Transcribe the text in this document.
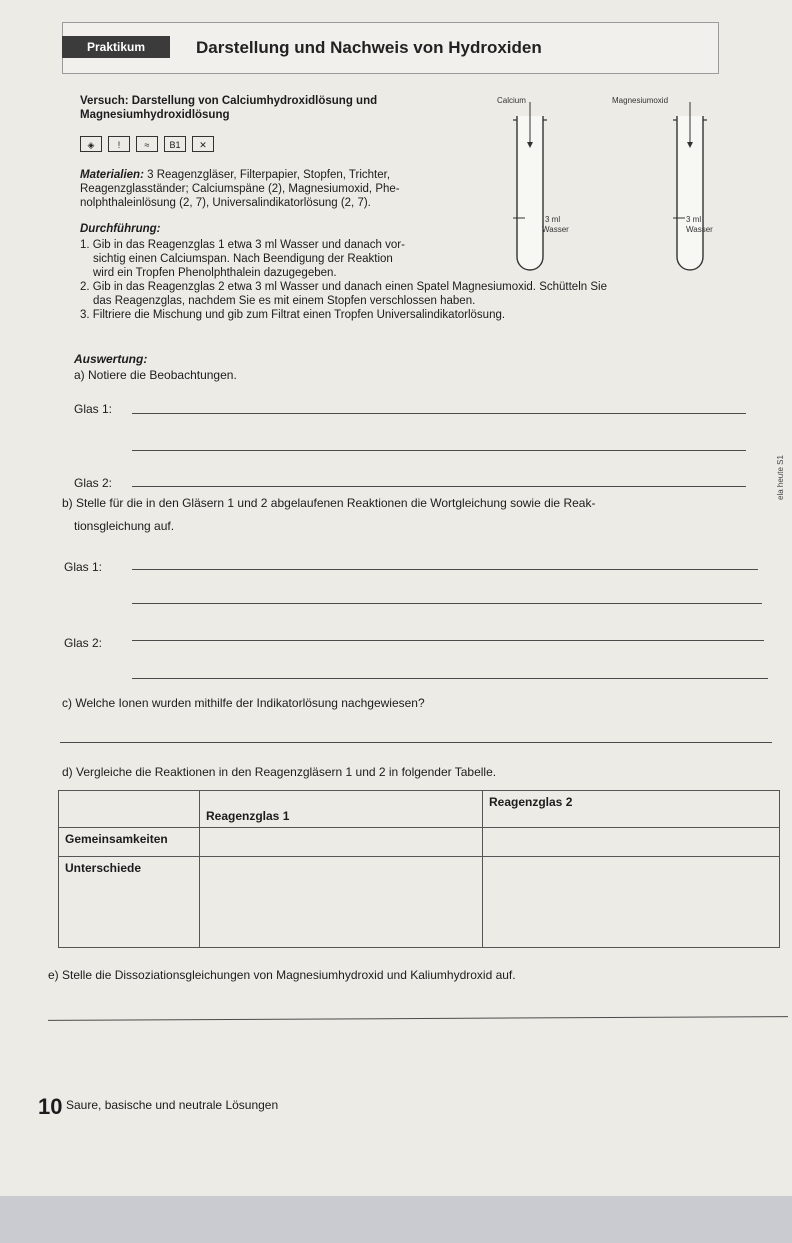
Praktikum	Darstellung und Nachweis von Hydroxiden
Versuch: Darstellung von Calciumhydroxidlösung und
Magnesiumhydroxidlösung
◈	!	≈	B1	✕
Materialien: 3 Reagenzgläser, Filterpapier, Stopfen, Trichter,
Reagenzglasständer; Calciumspäne (2), Magnesiumoxid, Phe-
nolphthaleinlösung (2, 7), Universalindikatorlösung (2, 7).
Durchführung:
1. Gib in das Reagenzglas 1 etwa 3 ml Wasser und danach vor-
sichtig einen Calciumspan. Nach Beendigung der Reaktion
wird ein Tropfen Phenolphthalein dazugegeben.
2. Gib in das Reagenzglas 2 etwa 3 ml Wasser und danach einen Spatel Magnesiumoxid. Schütteln Sie
das Reagenzglas, nachdem Sie es mit einem Stopfen verschlossen haben.
3. Filtriere die Mischung und gib zum Filtrat einen Tropfen Universalindikatorlösung.
Calcium	Magnesiumoxid
3 ml
Wasser
3 ml
Wasser
Auswertung:
a) Notiere die Beobachtungen.
Glas 1:
Glas 2:
b) Stelle für die in den Gläsern 1 und 2 abgelaufenen Reaktionen die Wortgleichung sowie die Reak-
tionsgleichung auf.
Glas 1:
Glas 2:
c) Welche Ionen wurden mithilfe der Indikatorlösung nachgewiesen?
d) Vergleiche die Reaktionen in den Reagenzgläsern 1 und 2 in folgender Tabelle.
	Reagenzglas 1	Reagenzglas 2
Gemeinsamkeiten		
Unterschiede		
e) Stelle die Dissoziationsgleichungen von Magnesiumhydroxid und Kaliumhydroxid auf.
10 Saure, basische und neutrale Lösungen
ela heute S1
